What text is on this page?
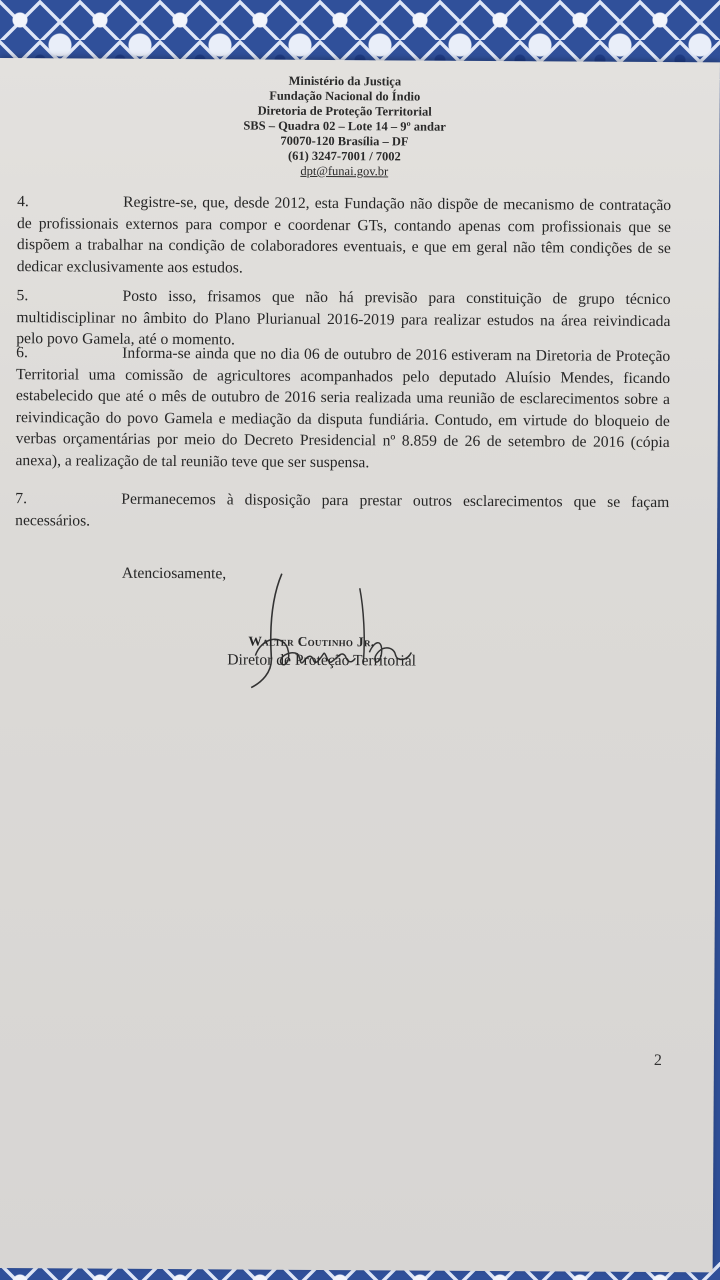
Ministério da Justiça
Fundação Nacional do Índio
Diretoria de Proteção Territorial
SBS – Quadra 02 – Lote 14 – 9º andar
70070-120 Brasília – DF
(61) 3247-7001 / 7002
dpt@funai.gov.br
4.	Registre-se, que, desde 2012, esta Fundação não dispõe de mecanismo de contratação de profissionais externos para compor e coordenar GTs, contando apenas com profissionais que se dispõem a trabalhar na condição de colaboradores eventuais, e que em geral não têm condições de se dedicar exclusivamente aos estudos.
5.	Posto isso, frisamos que não há previsão para constituição de grupo técnico multidisciplinar no âmbito do Plano Plurianual 2016-2019 para realizar estudos na área reivindicada pelo povo Gamela, até o momento.
6.	Informa-se ainda que no dia 06 de outubro de 2016 estiveram na Diretoria de Proteção Territorial uma comissão de agricultores acompanhados pelo deputado Aluísio Mendes, ficando estabelecido que até o mês de outubro de 2016 seria realizada uma reunião de esclarecimentos sobre a reivindicação do povo Gamela e mediação da disputa fundiária. Contudo, em virtude do bloqueio de verbas orçamentárias por meio do Decreto Presidencial nº 8.859 de 26 de setembro de 2016 (cópia anexa), a realização de tal reunião teve que ser suspensa.
7.	Permanecemos à disposição para prestar outros esclarecimentos que se façam necessários.
Atenciosamente,
Walter Coutinho Jr.
Diretor de Proteção Territorial
2
